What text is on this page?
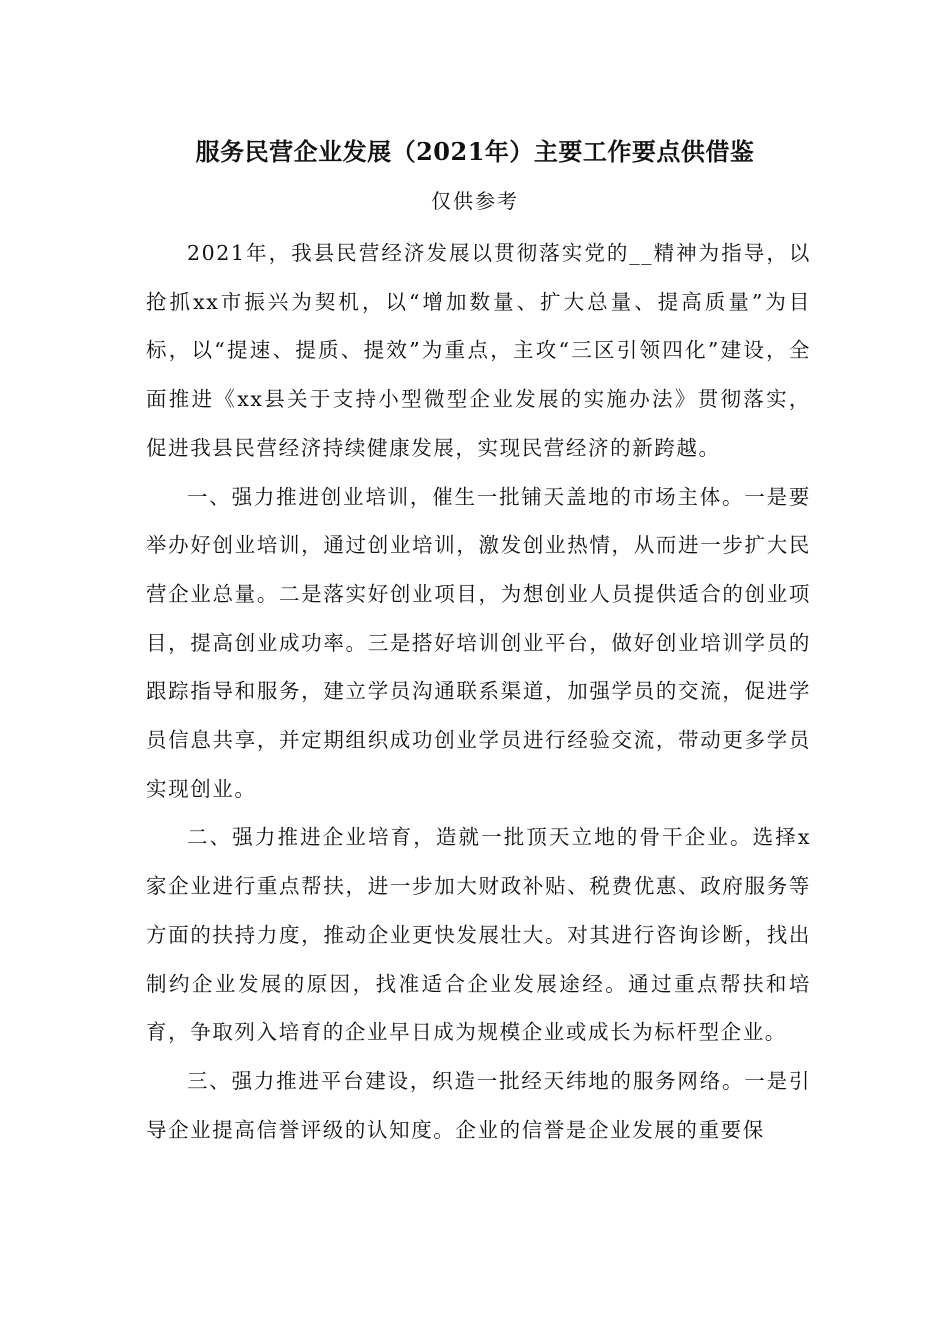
服务民营企业发展（2021年）主要工作要点供借鉴
仅供参考

2021年，我县民营经济发展以贯彻落实党的__精神为指导，以抢抓xx市振兴为契机，以“增加数量、扩大总量、提高质量”为目标，以“提速、提质、提效”为重点，主攻“三区引领四化”建设，全面推进《xx县关于支持小型微型企业发展的实施办法》贯彻落实，促进我县民营经济持续健康发展，实现民营经济的新跨越。

一、强力推进创业培训，催生一批铺天盖地的市场主体。一是要举办好创业培训，通过创业培训，激发创业热情，从而进一步扩大民营企业总量。二是落实好创业项目，为想创业人员提供适合的创业项目，提高创业成功率。三是搭好培训创业平台，做好创业培训学员的跟踪指导和服务，建立学员沟通联系渠道，加强学员的交流，促进学员信息共享，并定期组织成功创业学员进行经验交流，带动更多学员实现创业。

二、强力推进企业培育，造就一批顶天立地的骨干企业。选择x家企业进行重点帮扶，进一步加大财政补贴、税费优惠、政府服务等方面的扶持力度，推动企业更快发展壮大。对其进行咨询诊断，找出制约企业发展的原因，找准适合企业发展途经。通过重点帮扶和培育，争取列入培育的企业早日成为规模企业或成长为标杆型企业。

三、强力推进平台建设，织造一批经天纬地的服务网络。一是引导企业提高信誉评级的认知度。企业的信誉是企业发展的重要保
